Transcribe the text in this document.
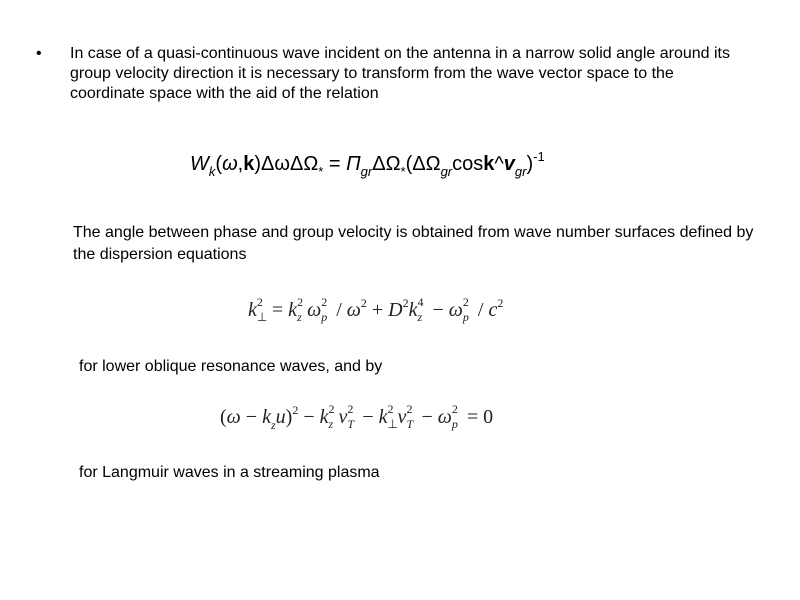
• In case of a quasi-continuous wave incident on the antenna in a narrow solid angle around its group velocity direction it is necessary to transform from the wave vector space to the coordinate space with the aid of the relation
$W_k(\omega,k)\Delta\omega\Delta\Omega_*$ = $\Pi_{gr}\Delta\Omega_*(\Delta\Omega_{gr}\cos k\^{}v_{gr})^{-1}$
The angle between phase and group velocity is obtained from wave number surfaces defined by the dispersion equations
k 2
⊥ = k 2
z ω 2
$p / \omega^2 + D^2k$ 4
z − ω 2
p / $c^2$
for lower oblique resonance waves, and by
$(\omega - k_zu)^2 - k$ 2
z v 2
T − k 2
⊥ v 2
T − ω 2
p = 0
for Langmuir waves in a streaming plasma
